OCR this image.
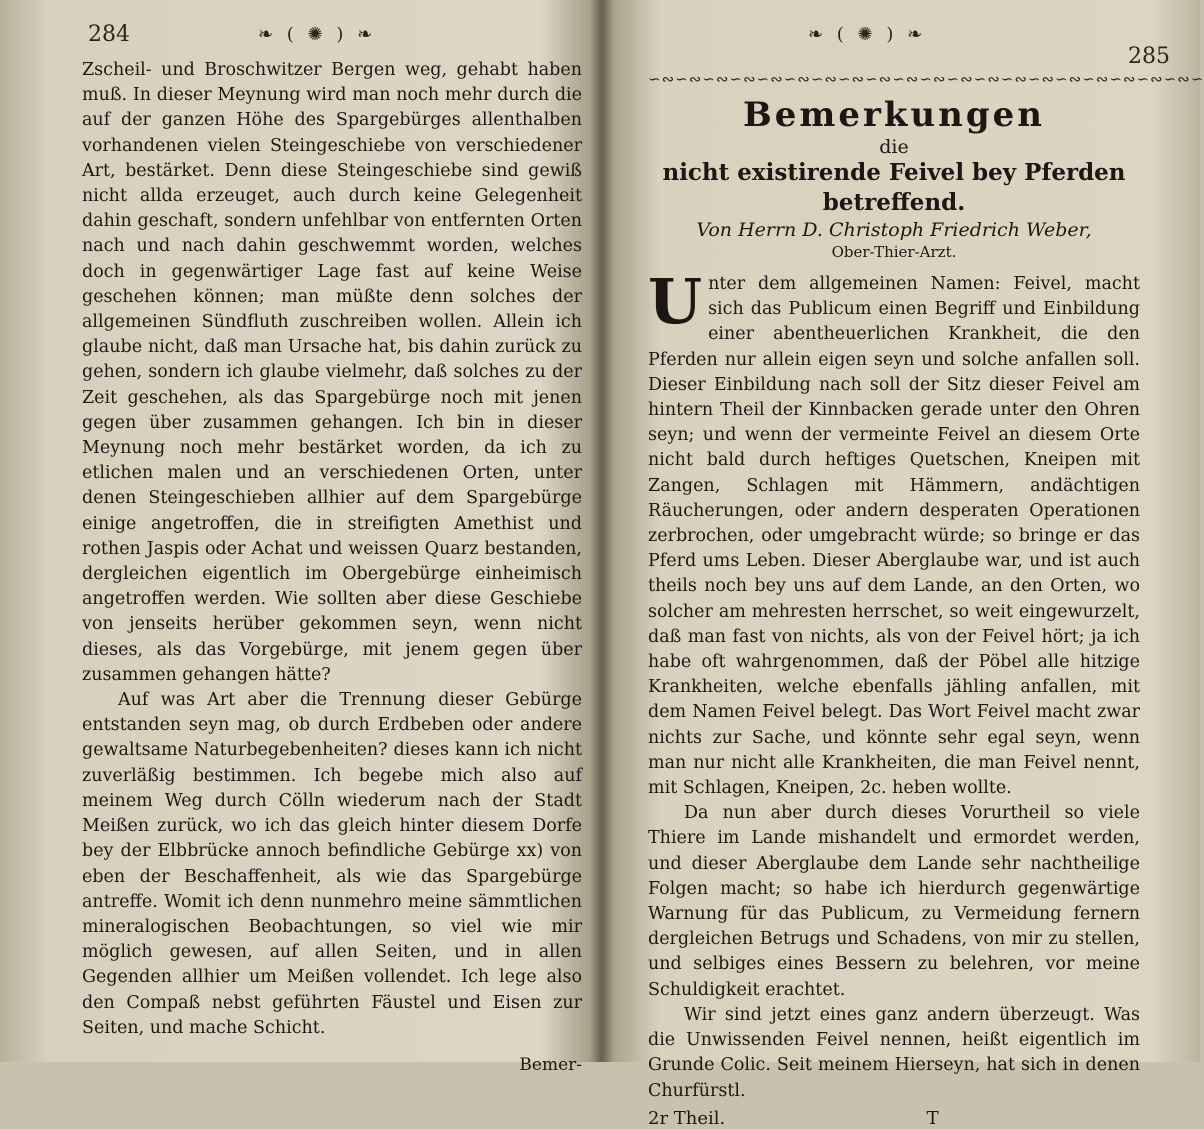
284	❧ ( ✺ ) ❧

Zscheil- und Broschwitzer Bergen weg, gehabt haben muß. In dieser Meynung wird man noch mehr durch die auf der ganzen Höhe des Spargebürges allenthalben vorhandenen vielen Steingeschiebe von verschiedener Art, bestärket. Denn diese Steingeschiebe sind gewiß nicht allda erzeuget, auch durch keine Gelegenheit dahin geschaft, sondern unfehlbar von entfernten Orten nach und nach dahin geschwemmt worden, welches doch in gegenwärtiger Lage fast auf keine Weise geschehen können; man müßte denn solches der allgemeinen Sündfluth zuschreiben wollen. Allein ich glaube nicht, daß man Ursache hat, bis dahin zurück zu gehen, sondern ich glaube vielmehr, daß solches zu der Zeit geschehen, als das Spargebürge noch mit jenen gegen über zusammen gehangen. Ich bin in dieser Meynung noch mehr bestärket worden, da ich zu etlichen malen und an verschiedenen Orten, unter denen Steingeschieben allhier auf dem Spargebürge einige angetroffen, die in streifigten Amethist und rothen Jaspis oder Achat und weissen Quarz bestanden, dergleichen eigentlich im Obergebürge einheimisch angetroffen werden. Wie sollten aber diese Geschiebe von jenseits herüber gekommen seyn, wenn nicht dieses, als das Vorgebürge, mit jenem gegen über zusammen gehangen hätte?

Auf was Art aber die Trennung dieser Gebürge entstanden seyn mag, ob durch Erdbeben oder andere gewaltsame Naturbegebenheiten? dieses kann ich nicht zuverläßig bestimmen. Ich begebe mich also auf meinem Weg durch Cölln wiederum nach der Stadt Meißen zurück, wo ich das gleich hinter diesem Dorfe bey der Elbbrücke annoch befindliche Gebürge xx) von eben der Beschaffenheit, als wie das Spargebürge antreffe. Womit ich denn nunmehro meine sämmtlichen mineralogischen Beobachtungen, so viel wie mir möglich gewesen, auf allen Seiten, und in allen Gegenden allhier um Meißen vollendet. Ich lege also den Compaß nebst geführten Fäustel und Eisen zur Seiten, und mache Schicht.

Bemer-
❧ ( ✺ ) ❧
285
∽∾∽∾∽∾∽∾∽∾∽∾∽∾∽∾∽∾∽∾∽∾∽∾∽∾∽∾∽∾∽∾∽∾∽∾∽∾∽∾∽
Bemerkungen
die
nicht existirende Feivel bey Pferden betreffend.
Von Herrn D. Christoph Friedrich Weber,
Ober-Thier-Arzt.

Unter dem allgemeinen Namen: Feivel, macht sich das Publicum einen Begriff und Einbildung einer abentheuerlichen Krankheit, die den Pferden nur allein eigen seyn und solche anfallen soll. Dieser Einbildung nach soll der Sitz dieser Feivel am hintern Theil der Kinnbacken gerade unter den Ohren seyn; und wenn der vermeinte Feivel an diesem Orte nicht bald durch heftiges Quetschen, Kneipen mit Zangen, Schlagen mit Hämmern, andächtigen Räucherungen, oder andern desperaten Operationen zerbrochen, oder umgebracht würde; so bringe er das Pferd ums Leben. Dieser Aberglaube war, und ist auch theils noch bey uns auf dem Lande, an den Orten, wo solcher am mehresten herrschet, so weit eingewurzelt, daß man fast von nichts, als von der Feivel hört; ja ich habe oft wahrgenommen, daß der Pöbel alle hitzige Krankheiten, welche ebenfalls jähling anfallen, mit dem Namen Feivel belegt. Das Wort Feivel macht zwar nichts zur Sache, und könnte sehr egal seyn, wenn man nur nicht alle Krankheiten, die man Feivel nennt, mit Schlagen, Kneipen, 2c. heben wollte.

Da nun aber durch dieses Vorurtheil so viele Thiere im Lande mishandelt und ermordet werden, und dieser Aberglaube dem Lande sehr nachtheilige Folgen macht; so habe ich hierdurch gegenwärtige Warnung für das Publicum, zu Vermeidung fernern dergleichen Betrugs und Schadens, von mir zu stellen, und selbiges eines Bessern zu belehren, vor meine Schuldigkeit erachtet.

Wir sind jetzt eines ganz andern überzeugt. Was die Unwissenden Feivel nennen, heißt eigentlich im Grunde Colic. Seit meinem Hierseyn, hat sich in denen Churfürstl.

2r Theil.	T
